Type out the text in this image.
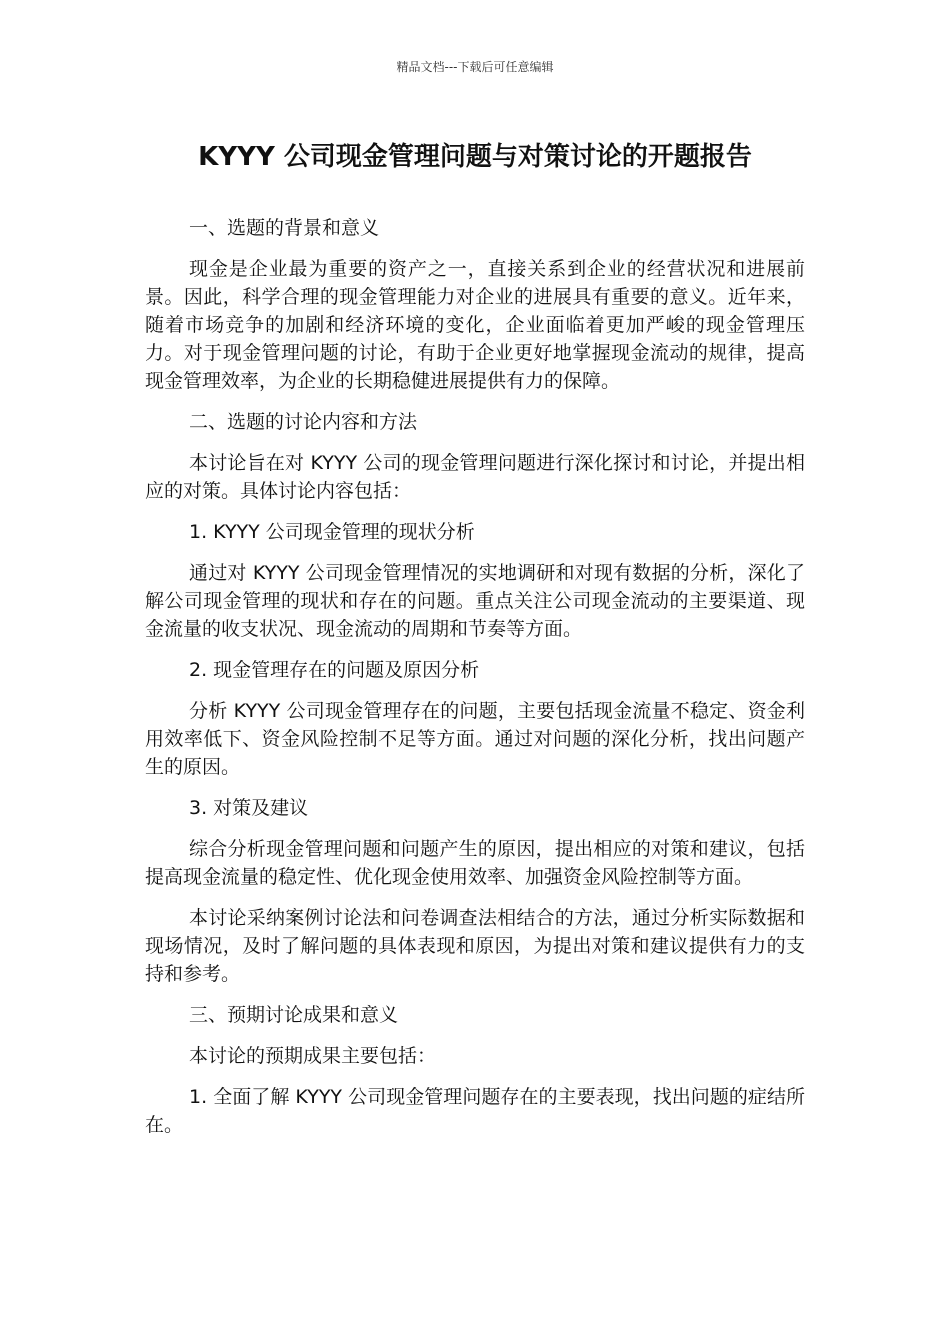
精品文档---下载后可任意编辑
KYYY 公司现金管理问题与对策讨论的开题报告

一、选题的背景和意义

现金是企业最为重要的资产之一，直接关系到企业的经营状况和进展前景。因此，科学合理的现金管理能力对企业的进展具有重要的意义。近年来，随着市场竞争的加剧和经济环境的变化，企业面临着更加严峻的现金管理压力。对于现金管理问题的讨论，有助于企业更好地掌握现金流动的规律，提高现金管理效率，为企业的长期稳健进展提供有力的保障。

二、选题的讨论内容和方法

本讨论旨在对 KYYY 公司的现金管理问题进行深化探讨和讨论，并提出相应的对策。具体讨论内容包括：

1. KYYY 公司现金管理的现状分析

通过对 KYYY 公司现金管理情况的实地调研和对现有数据的分析，深化了解公司现金管理的现状和存在的问题。重点关注公司现金流动的主要渠道、现金流量的收支状况、现金流动的周期和节奏等方面。

2. 现金管理存在的问题及原因分析

分析 KYYY 公司现金管理存在的问题，主要包括现金流量不稳定、资金利用效率低下、资金风险控制不足等方面。通过对问题的深化分析，找出问题产生的原因。

3. 对策及建议

综合分析现金管理问题和问题产生的原因，提出相应的对策和建议，包括提高现金流量的稳定性、优化现金使用效率、加强资金风险控制等方面。

本讨论采纳案例讨论法和问卷调查法相结合的方法，通过分析实际数据和现场情况，及时了解问题的具体表现和原因，为提出对策和建议提供有力的支持和参考。

三、预期讨论成果和意义

本讨论的预期成果主要包括：

1. 全面了解 KYYY 公司现金管理问题存在的主要表现，找出问题的症结所在。
